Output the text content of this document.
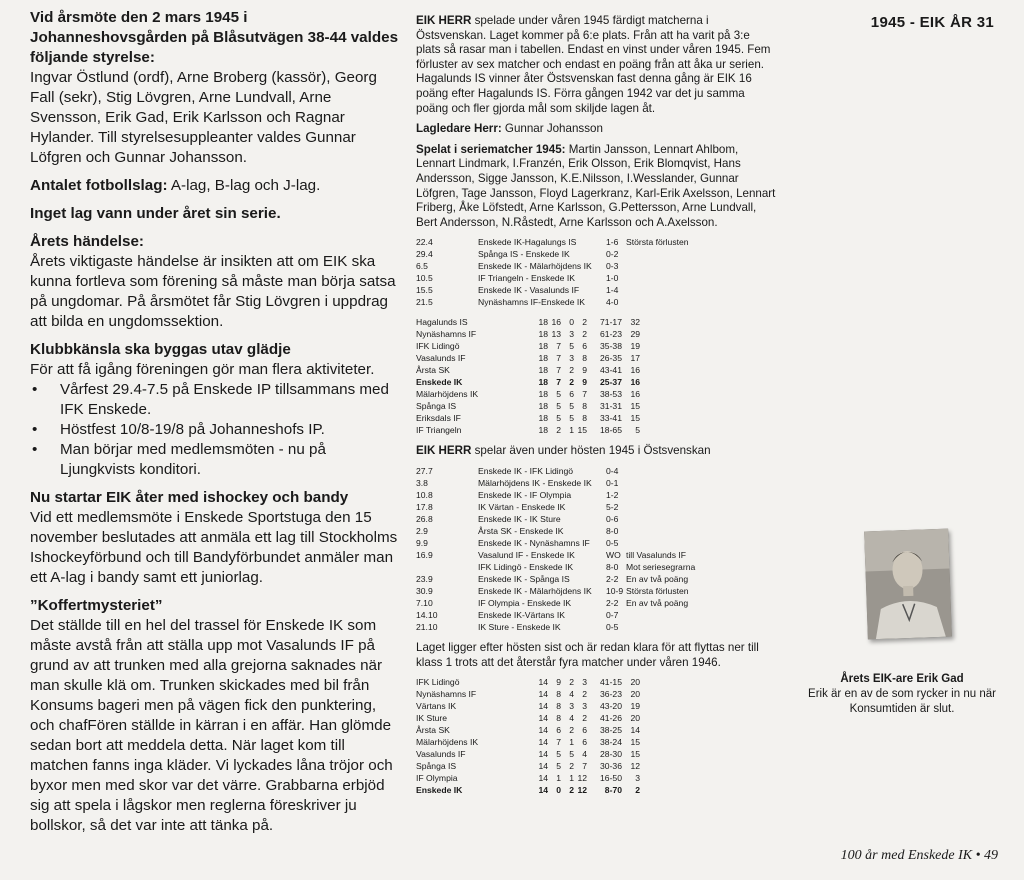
1945 - EIK ÅR 31

Vid årsmöte den 2 mars 1945 i Johanneshovsgården på Blåsutvägen 38-44 valdes följande styrelse:

Ingvar Östlund (ordf), Arne Broberg (kassör), Georg Fall (sekr), Stig Lövgren, Arne Lundvall, Arne Svensson, Erik Gad, Erik Karlsson och Ragnar Hylander. Till styrelsesuppleanter valdes Gunnar Löfgren och Gunnar Johansson.

Antalet fotbollslag: A-lag, B-lag och J-lag.

Inget lag vann under året sin serie.

Årets händelse:

Årets viktigaste händelse är insikten att om EIK ska kunna fortleva som förening så måste man börja satsa på ungdomar. På årsmötet får Stig Lövgren i uppdrag att bilda en ungdomssektion.

Klubbkänsla ska byggas utav glädje
För att få igång föreningen gör man flera aktiviteter.
• Vårfest 29.4-7.5 på Enskede IP tillsammans med IFK Enskede.
• Höstfest 10/8-19/8 på Johanneshofs IP.
• Man börjar med medlemsmöten - nu på Ljungkvists konditori.
Nu startar EIK åter med ishockey och bandy

Vid ett medlemsmöte i Enskede Sportstuga den 15 november beslutades att anmäla ett lag till Stockholms Ishockeyförbund och till Bandyförbundet anmäler man ett A-lag i bandy samt ett juniorlag.

”Koffertmysteriet”

Det ställde till en hel del trassel för Enskede IK som måste avstå från att ställa upp mot Vasalunds IF på grund av att trunken med alla grejorna saknades när man skulle klä om. Trunken skickades med bil från Konsums bageri men på vägen fick den punktering, och chafFören ställde in kärran i en affär. Han glömde sedan bort att meddela detta. När laget kom till matchen fanns inga kläder. Vi lyckades låna tröjor och byxor men med skor var det värre. Grabbarna erbjöd sig att spela i lågskor men reglerna föreskriver ju bollskor, så det var inte att tänka på.

EIK HERR spelade under våren 1945 färdigt matcherna i Östsvenskan. Laget kommer på 6:e plats. Från att ha varit på 3:e plats så rasar man i tabellen. Endast en vinst under våren 1945. Fem förluster av sex matcher och endast en poäng från att åka ur serien. Hagalunds IS vinner åter Östsvenskan fast denna gång är EIK 16 poäng efter Hagalunds IS. Förra gången 1942 var det ju samma poäng och fler gjorda mål som skiljde lagen åt.

Lagledare Herr: Gunnar Johansson

Spelat i seriematcher 1945: Martin Jansson, Lennart Ahlbom, Lennart Lindmark, I.Franzén, Erik Olsson, Erik Blomqvist, Hans Andersson, Sigge Jansson, K.E.Nilsson, I.Wesslander, Gunnar Löfgren, Tage Jansson, Floyd Lagerkranz, Karl-Erik Axelsson, Lennart Friberg, Åke Löfstedt, Arne Karlsson, G.Pettersson, Arne Lundvall, Bert Andersson, N.Råstedt, Arne Karlsson och A.Axelsson.

22.4	Enskede IK-Hagalungs IS	1-6	Största förlusten
29.4	Spånga IS - Enskede IK	0-2	
6.5	Enskede IK - Mälarhöjdens IK	0-3	
10.5	IF Triangeln - Enskede IK	1-0	
15.5	Enskede IK - Vasalunds IF	1-4	
21.5	Nynäshamns IF-Enskede IK	4-0	
Hagalunds IS	18	16	0	2	71-17	32
Nynäshamns IF	18	13	3	2	61-23	29
IFK Lidingö	18	7	5	6	35-38	19
Vasalunds IF	18	7	3	8	26-35	17
Årsta SK	18	7	2	9	43-41	16
Enskede IK	18	7	2	9	25-37	16
Mälarhöjdens IK	18	5	6	7	38-53	16
Spånga IS	18	5	5	8	31-31	15
Eriksdals IF	18	5	5	8	33-41	15
IF Triangeln	18	2	1	15	18-65	5

EIK HERR spelar även under hösten 1945 i Östsvenskan

27.7	Enskede IK - IFK Lidingö	0-4	
3.8	Mälarhöjdens IK - Enskede IK	0-1	
10.8	Enskede IK - IF Olympia	1-2	
17.8	IK Värtan - Enskede IK	5-2	
26.8	Enskede IK - IK Sture	0-6	
2.9	Årsta SK - Enskede IK	8-0	
9.9	Enskede IK - Nynäshamns IF	0-5	
16.9	Vasalund IF - Enskede IK	WO	till Vasalunds IF
	IFK Lidingö - Enskede IK	8-0	Mot seriesegrarna
23.9	Enskede IK - Spånga IS	2-2	En av två poäng
30.9	Enskede IK - Mälarhöjdens IK	10-9	Största förlusten
7.10	IF Olympia - Enskede IK	2-2	En av två poäng
14.10	Enskede IK-Värtans IK	0-7	
21.10	IK Sture - Enskede IK	0-5	

Laget ligger efter hösten sist och är redan klara för att flyttas ner till klass 1 trots att det återstår fyra matcher under våren 1946.

IFK Lidingö	14	9	2	3	41-15	20
Nynäshamns IF	14	8	4	2	36-23	20
Värtans IK	14	8	3	3	43-20	19
IK Sture	14	8	4	2	41-26	20
Årsta SK	14	6	2	6	38-25	14
Mälarhöjdens IK	14	7	1	6	38-24	15
Vasalunds IF	14	5	5	4	28-30	15
Spånga IS	14	5	2	7	30-36	12
IF Olympia	14	1	1	12	16-50	3
Enskede IK	14	0	2	12	8-70	2
Årets EIK-are Erik Gad
Erik är en av de som rycker in nu när Konsumtiden är slut.
100 år med Enskede IK • 49
